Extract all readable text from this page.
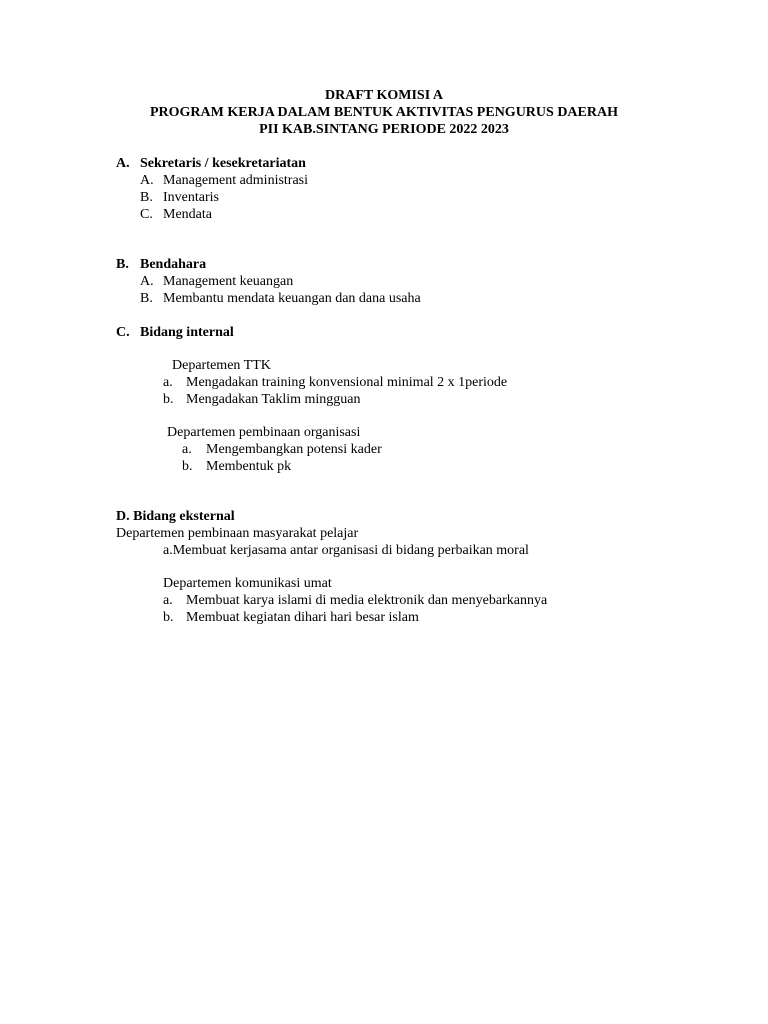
DRAFT KOMISI A
PROGRAM KERJA DALAM BENTUK AKTIVITAS PENGURUS DAERAH
PII KAB.SINTANG PERIODE 2022 2023
A. Sekretaris / kesekretariatan
A. Management administrasi
B. Inventaris
C. Mendata
B. Bendahara
A. Management keuangan
B. Membantu mendata keuangan dan dana usaha
C. Bidang internal
Departemen TTK
a. Mengadakan training konvensional minimal 2 x 1periode
b. Mengadakan Taklim mingguan
Departemen pembinaan organisasi
a. Mengembangkan potensi kader
b. Membentuk pk
D. Bidang eksternal
Departemen pembinaan masyarakat pelajar
a.Membuat kerjasama antar organisasi di bidang perbaikan moral
Departemen komunikasi umat
a. Membuat karya islami di media elektronik dan menyebarkannya
b. Membuat kegiatan dihari hari besar islam
